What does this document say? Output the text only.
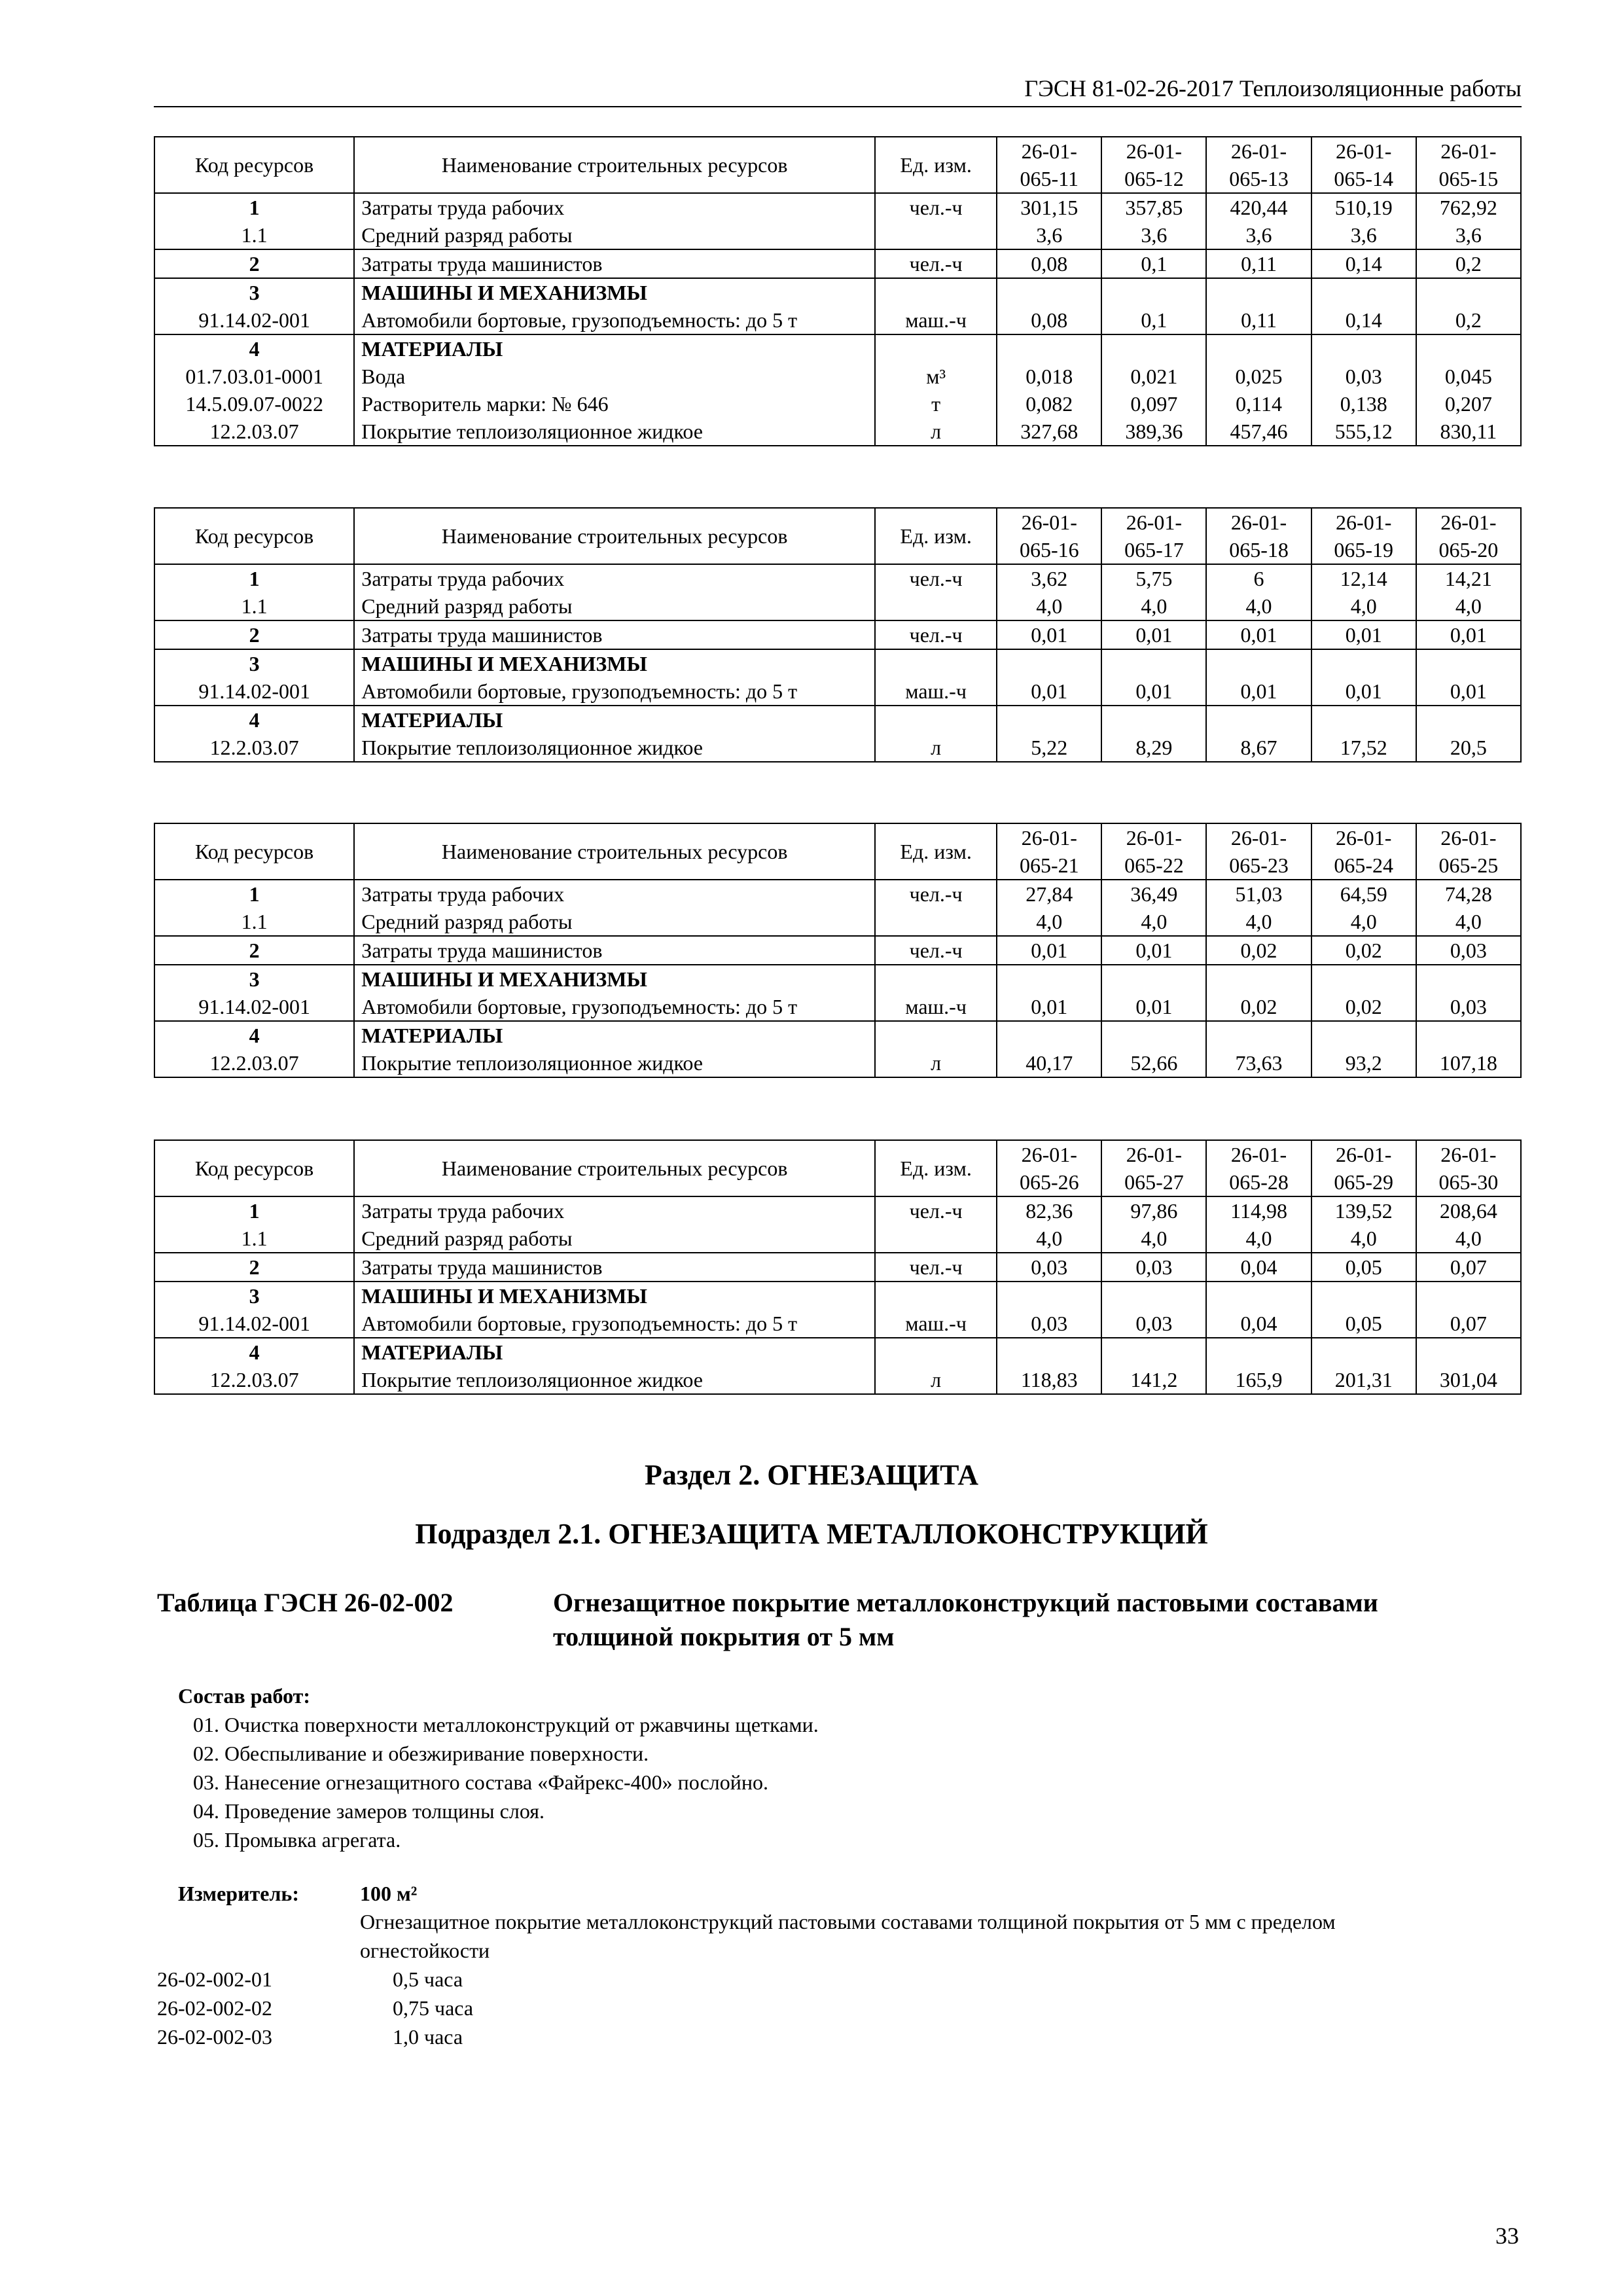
ГЭСН 81-02-26-2017 Теплоизоляционные работы
Код ресурсов	Наименование строительных ресурсов	Ед. изм.	26-01-065-11	26-01-065-12	26-01-065-13	26-01-065-14	26-01-065-15
1	Затраты труда рабочих	чел.-ч	301,15	357,85	420,44	510,19	762,92
1.1	Средний разряд работы		3,6	3,6	3,6	3,6	3,6
2	Затраты труда машинистов	чел.-ч	0,08	0,1	0,11	0,14	0,2
3	МАШИНЫ И МЕХАНИЗМЫ						
91.14.02-001	Автомобили бортовые, грузоподъемность: до 5 т	маш.-ч	0,08	0,1	0,11	0,14	0,2
4	МАТЕРИАЛЫ						
01.7.03.01-0001	Вода	м³	0,018	0,021	0,025	0,03	0,045
14.5.09.07-0022	Растворитель марки: № 646	т	0,082	0,097	0,114	0,138	0,207
12.2.03.07	Покрытие теплоизоляционное жидкое	л	327,68	389,36	457,46	555,12	830,11
Код ресурсов	Наименование строительных ресурсов	Ед. изм.	26-01-065-16	26-01-065-17	26-01-065-18	26-01-065-19	26-01-065-20
1	Затраты труда рабочих	чел.-ч	3,62	5,75	6	12,14	14,21
1.1	Средний разряд работы		4,0	4,0	4,0	4,0	4,0
2	Затраты труда машинистов	чел.-ч	0,01	0,01	0,01	0,01	0,01
3	МАШИНЫ И МЕХАНИЗМЫ						
91.14.02-001	Автомобили бортовые, грузоподъемность: до 5 т	маш.-ч	0,01	0,01	0,01	0,01	0,01
4	МАТЕРИАЛЫ						
12.2.03.07	Покрытие теплоизоляционное жидкое	л	5,22	8,29	8,67	17,52	20,5
Код ресурсов	Наименование строительных ресурсов	Ед. изм.	26-01-065-21	26-01-065-22	26-01-065-23	26-01-065-24	26-01-065-25
1	Затраты труда рабочих	чел.-ч	27,84	36,49	51,03	64,59	74,28
1.1	Средний разряд работы		4,0	4,0	4,0	4,0	4,0
2	Затраты труда машинистов	чел.-ч	0,01	0,01	0,02	0,02	0,03
3	МАШИНЫ И МЕХАНИЗМЫ						
91.14.02-001	Автомобили бортовые, грузоподъемность: до 5 т	маш.-ч	0,01	0,01	0,02	0,02	0,03
4	МАТЕРИАЛЫ						
12.2.03.07	Покрытие теплоизоляционное жидкое	л	40,17	52,66	73,63	93,2	107,18
Код ресурсов	Наименование строительных ресурсов	Ед. изм.	26-01-065-26	26-01-065-27	26-01-065-28	26-01-065-29	26-01-065-30
1	Затраты труда рабочих	чел.-ч	82,36	97,86	114,98	139,52	208,64
1.1	Средний разряд работы		4,0	4,0	4,0	4,0	4,0
2	Затраты труда машинистов	чел.-ч	0,03	0,03	0,04	0,05	0,07
3	МАШИНЫ И МЕХАНИЗМЫ						
91.14.02-001	Автомобили бортовые, грузоподъемность: до 5 т	маш.-ч	0,03	0,03	0,04	0,05	0,07
4	МАТЕРИАЛЫ						
12.2.03.07	Покрытие теплоизоляционное жидкое	л	118,83	141,2	165,9	201,31	301,04
Раздел 2. ОГНЕЗАЩИТА
Подраздел 2.1. ОГНЕЗАЩИТА МЕТАЛЛОКОНСТРУКЦИЙ
Таблица ГЭСН 26-02-002	Огнезащитное покрытие металлоконструкций пастовыми составами
толщиной покрытия от 5 мм
Состав работ:
01. Очистка поверхности металлоконструкций от ржавчины щетками.
02. Обеспыливание и обезжиривание поверхности.
03. Нанесение огнезащитного состава «Файрекс-400» послойно.
04. Проведение замеров толщины слоя.
05. Промывка агрегата.
Измеритель:	100 м²
Огнезащитное покрытие металлоконструкций пастовыми составами толщиной покрытия от 5 мм с пределом
огнестойкости
26-02-002-01	0,5 часа
26-02-002-02	0,75 часа
26-02-002-03	1,0 часа
33
